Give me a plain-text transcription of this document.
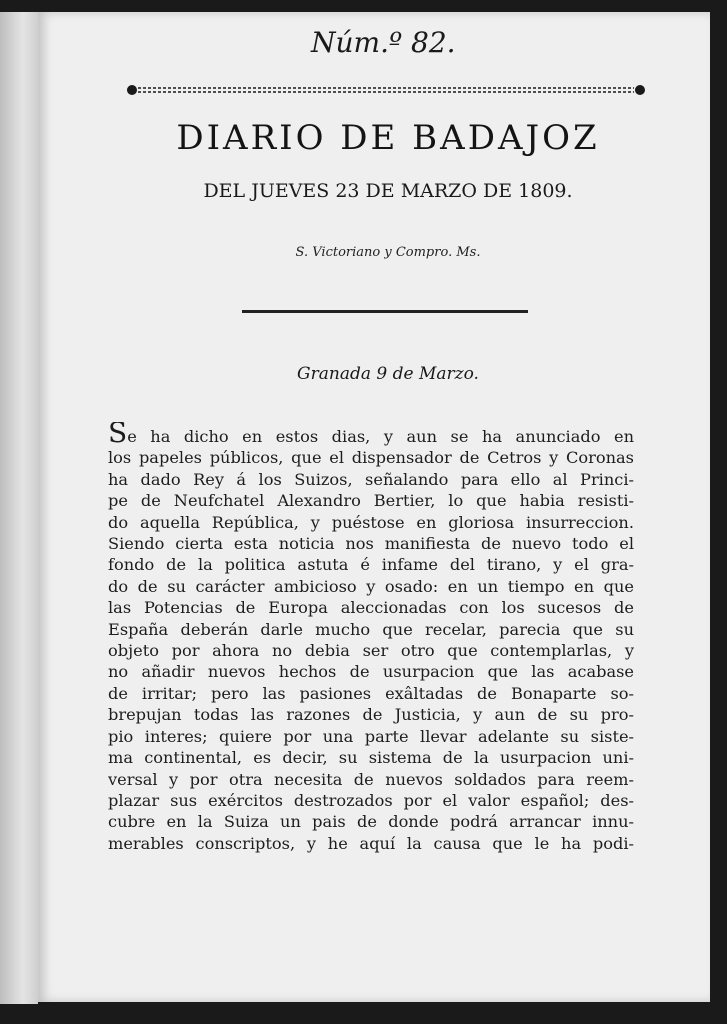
Núm.º 82.
DIARIO DE BADAJOZ
DEL JUEVES 23 DE MARZO DE 1809.
S. Victoriano y Compro. Ms.
Granada 9 de Marzo.
Se ha dicho en estos dias, y aun se ha anunciado en
los papeles públicos, que el dispensador de Cetros y Coronas
ha dado Rey á los Suizos, señalando para ello al Princi-
pe de Neufchatel Alexandro Bertier, lo que habia resisti-
do aquella República, y puéstose en gloriosa insurreccion.
Siendo cierta esta noticia nos manifiesta de nuevo todo el
fondo de la politica astuta é infame del tirano, y el gra-
do de su carácter ambicioso y osado: en un tiempo en que
las Potencias de Europa aleccionadas con los sucesos de
España deberán darle mucho que recelar, parecia que su
objeto por ahora no debia ser otro que contemplarlas, y
no añadir nuevos hechos de usurpacion que las acabase
de irritar; pero las pasiones exâltadas de Bonaparte so-
brepujan todas las razones de Justicia, y aun de su pro-
pio interes; quiere por una parte llevar adelante su siste-
ma continental, es decir, su sistema de la usurpacion uni-
versal y por otra necesita de nuevos soldados para reem-
plazar sus exércitos destrozados por el valor español; des-
cubre en la Suiza un pais de donde podrá arrancar innu-
merables conscriptos, y he aquí la causa que le ha podi-
